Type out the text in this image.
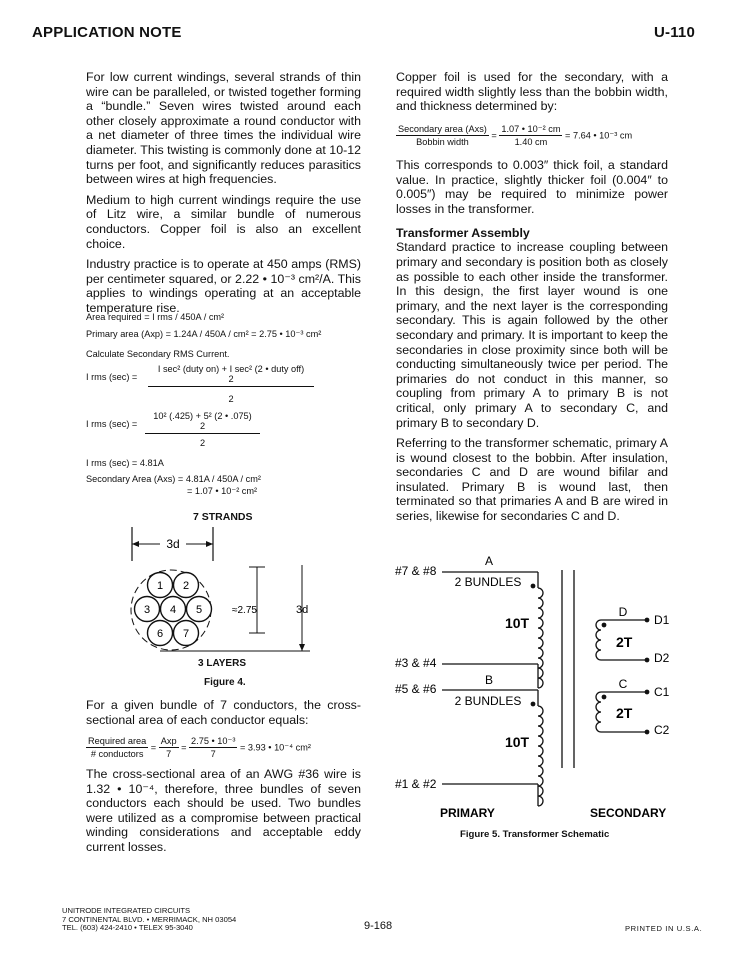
APPLICATION NOTE	U-110

For low current windings, several strands of thin wire can be paralleled, or twisted together forming a “bundle.” Seven wires twisted around each other closely approximate a round conductor with a net diameter of three times the individual wire diameter. This twisting is commonly done at 10-12 turns per foot, and significantly reduces parasitics between wires at high frequencies.

Medium to high current windings require the use of Litz wire, a similar bundle of numerous conductors. Copper foil is also an excellent choice.

Industry practice is to operate at 450 amps (RMS) per centimeter squared, or 2.22 • 10⁻³ cm²/A. This applies to windings operating at an acceptable temperature rise.

Area required = I rms / 450A / cm²
Primary area (Axp) = 1.24A / 450A / cm² = 2.75 • 10⁻³ cm²
Calculate Secondary RMS Current.
I rms (sec) =
I sec² (duty on) + I sec² (2 • duty off)
2
2
I rms (sec) =
10² (.425) + 5² (2 • .075)
2
2
I rms (sec) = 4.81A
Secondary Area (Axs) = 4.81A / 450A / cm²
= 1.07 • 10⁻² cm²
7 STRANDS
3d
1 2
3 4 5
6 7
≈2.75	3d
3 LAYERS
Figure 4.

For a given bundle of 7 conductors, the cross-sectional area of each conductor equals:

$\frac{\text{Required area}}{\text{\# conductors}} = \frac{\text{Axp}}{7} = \frac{\text{2.75 • 10⁻³}}{7} = 3.93$ • 10⁻⁴ cm²

The cross-sectional area of an AWG #36 wire is 1.32 • 10⁻⁴, therefore, three bundles of seven conductors each should be used. Two bundles were utilized as a compromise between practical winding considerations and acceptable eddy current losses.

Copper foil is used for the secondary, with a required width slightly less than the bobbin width, and thickness determined by:

$\frac{\text{Secondary area (Axs)}}{\text{Bobbin width}} = \frac{\text{1.07 • 10⁻² cm}}{1.40 cm} = 7.64$ • 10⁻³ cm

This corresponds to 0.003″ thick foil, a standard value. In practice, slightly thicker foil (0.004″ to 0.005″) may be required to minimize power losses in the transformer.

Transformer Assembly

Standard practice to increase coupling between primary and secondary is position both as closely as possible to each other inside the transformer. In this design, the first layer wound is one primary, and the next layer is the corresponding secondary. This is again followed by the other secondary and primary. It is important to keep the secondaries in close proximity since both will be conducting simultaneously twice per period. The primaries do not conduct in this manner, so coupling from primary A to primary B is not critical, only primary A to secondary C, and primary B to secondary D.

Referring to the transformer schematic, primary A is wound closest to the bobbin. After insulation, secondaries C and D are wound bifilar and insulated. Primary B is wound last, then terminated so that primaries A and B are wired in series, likewise for secondaries C and D.

#7 & #8
A
2 BUNDLES
10T
#3 & #4
#5 & #6
B
2 BUNDLES
10T
#1 & #2
D
2T
D1
D2
C
2T
C1
C2
PRIMARY	SECONDARY
Figure 5. Transformer Schematic
UNITRODE INTEGRATED CIRCUITS
7 CONTINENTAL BLVD. • MERRIMACK, NH 03054
TEL. (603) 424-2410 • TELEX 95-3040	9-168	PRINTED IN U.S.A.
